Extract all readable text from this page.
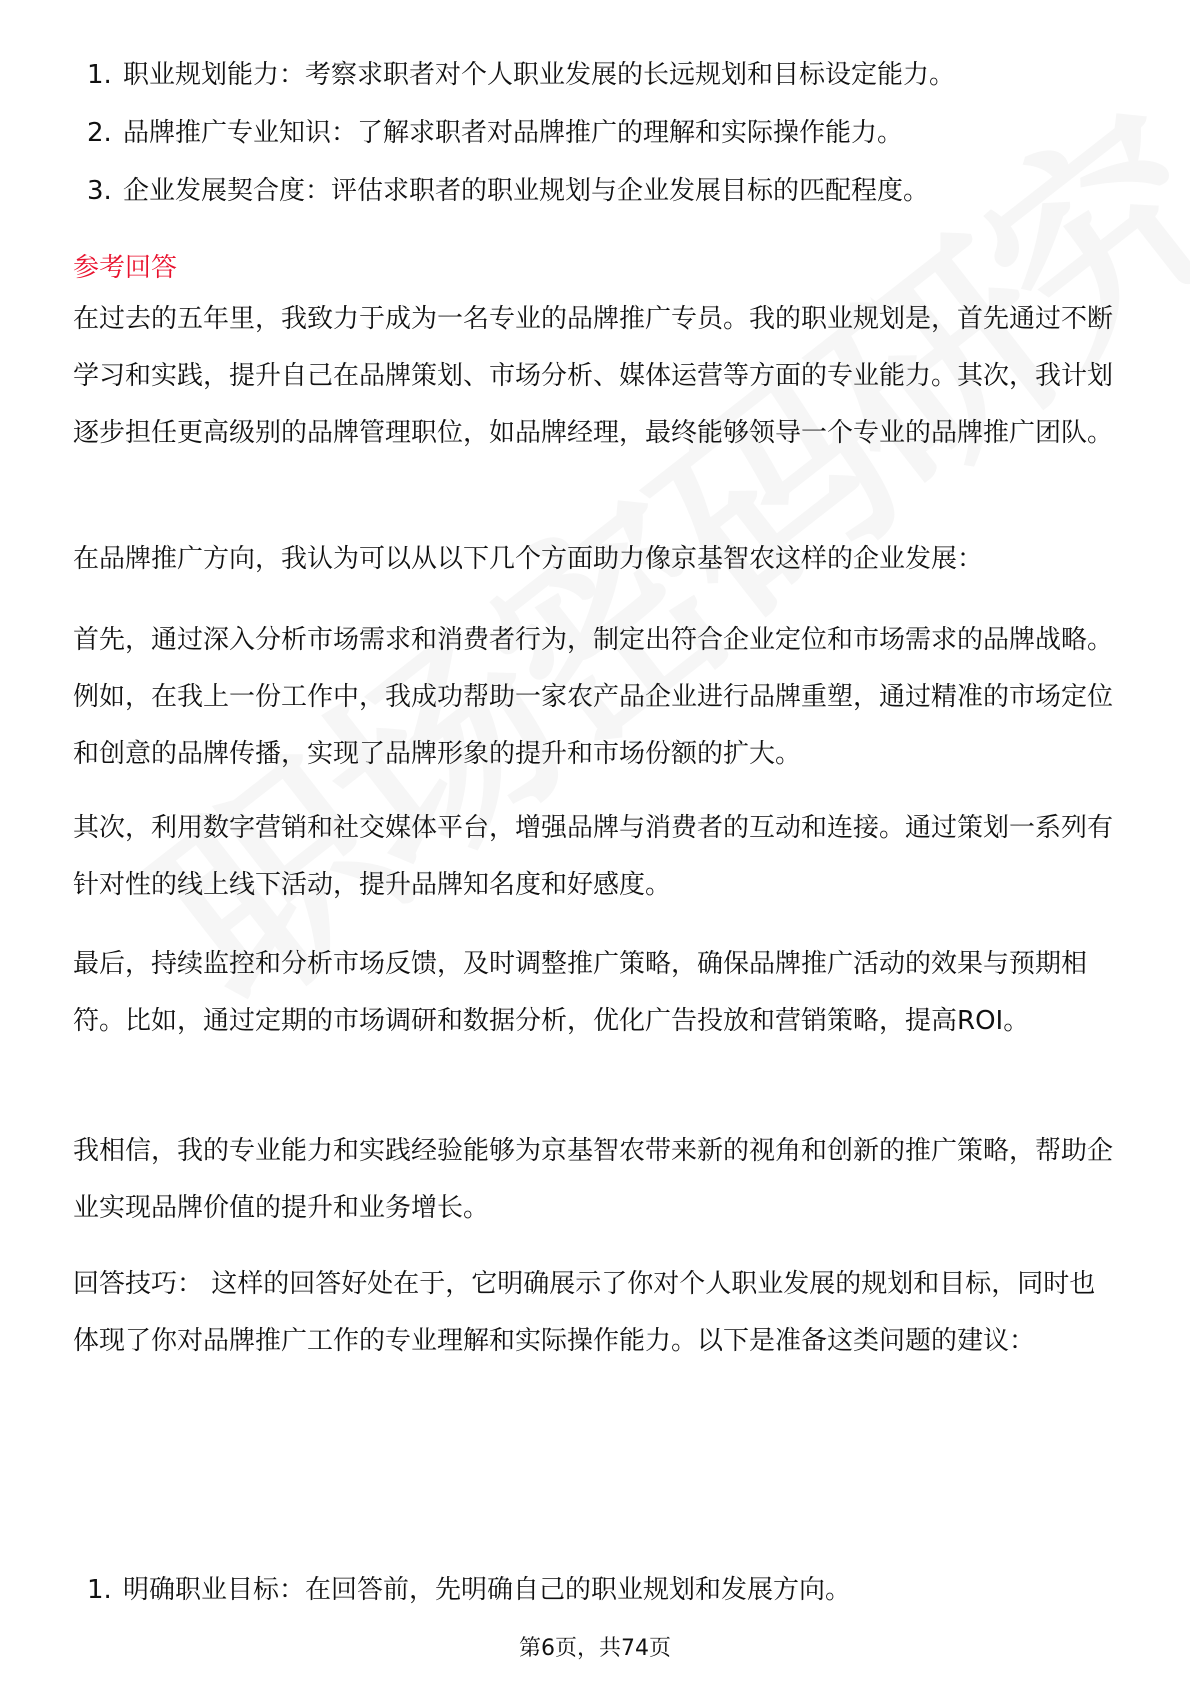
1. 职业规划能力：考察求职者对个人职业发展的长远规划和目标设定能力。
2. 品牌推广专业知识：了解求职者对品牌推广的理解和实际操作能力。
3. 企业发展契合度：评估求职者的职业规划与企业发展目标的匹配程度。
参考回答

在过去的五年里，我致力于成为一名专业的品牌推广专员。我的职业规划是，首先通过不断学习和实践，提升自己在品牌策划、市场分析、媒体运营等方面的专业能力。其次，我计划逐步担任更高级别的品牌管理职位，如品牌经理，最终能够领导一个专业的品牌推广团队。

在品牌推广方向，我认为可以从以下几个方面助力像京基智农这样的企业发展：

首先，通过深入分析市场需求和消费者行为，制定出符合企业定位和市场需求的品牌战略。例如，在我上一份工作中，我成功帮助一家农产品企业进行品牌重塑，通过精准的市场定位和创意的品牌传播，实现了品牌形象的提升和市场份额的扩大。

其次，利用数字营销和社交媒体平台，增强品牌与消费者的互动和连接。通过策划一系列有针对性的线上线下活动，提升品牌知名度和好感度。

最后，持续监控和分析市场反馈，及时调整推广策略，确保品牌推广活动的效果与预期相符。比如，通过定期的市场调研和数据分析，优化广告投放和营销策略，提高ROI。

我相信，我的专业能力和实践经验能够为京基智农带来新的视角和创新的推广策略，帮助企业实现品牌价值的提升和业务增长。

回答技巧： 这样的回答好处在于，它明确展示了你对个人职业发展的规划和目标，同时也体现了你对品牌推广工作的专业理解和实际操作能力。以下是准备这类问题的建议：

1. 明确职业目标：在回答前，先明确自己的职业规划和发展方向。
第6页，共74页
